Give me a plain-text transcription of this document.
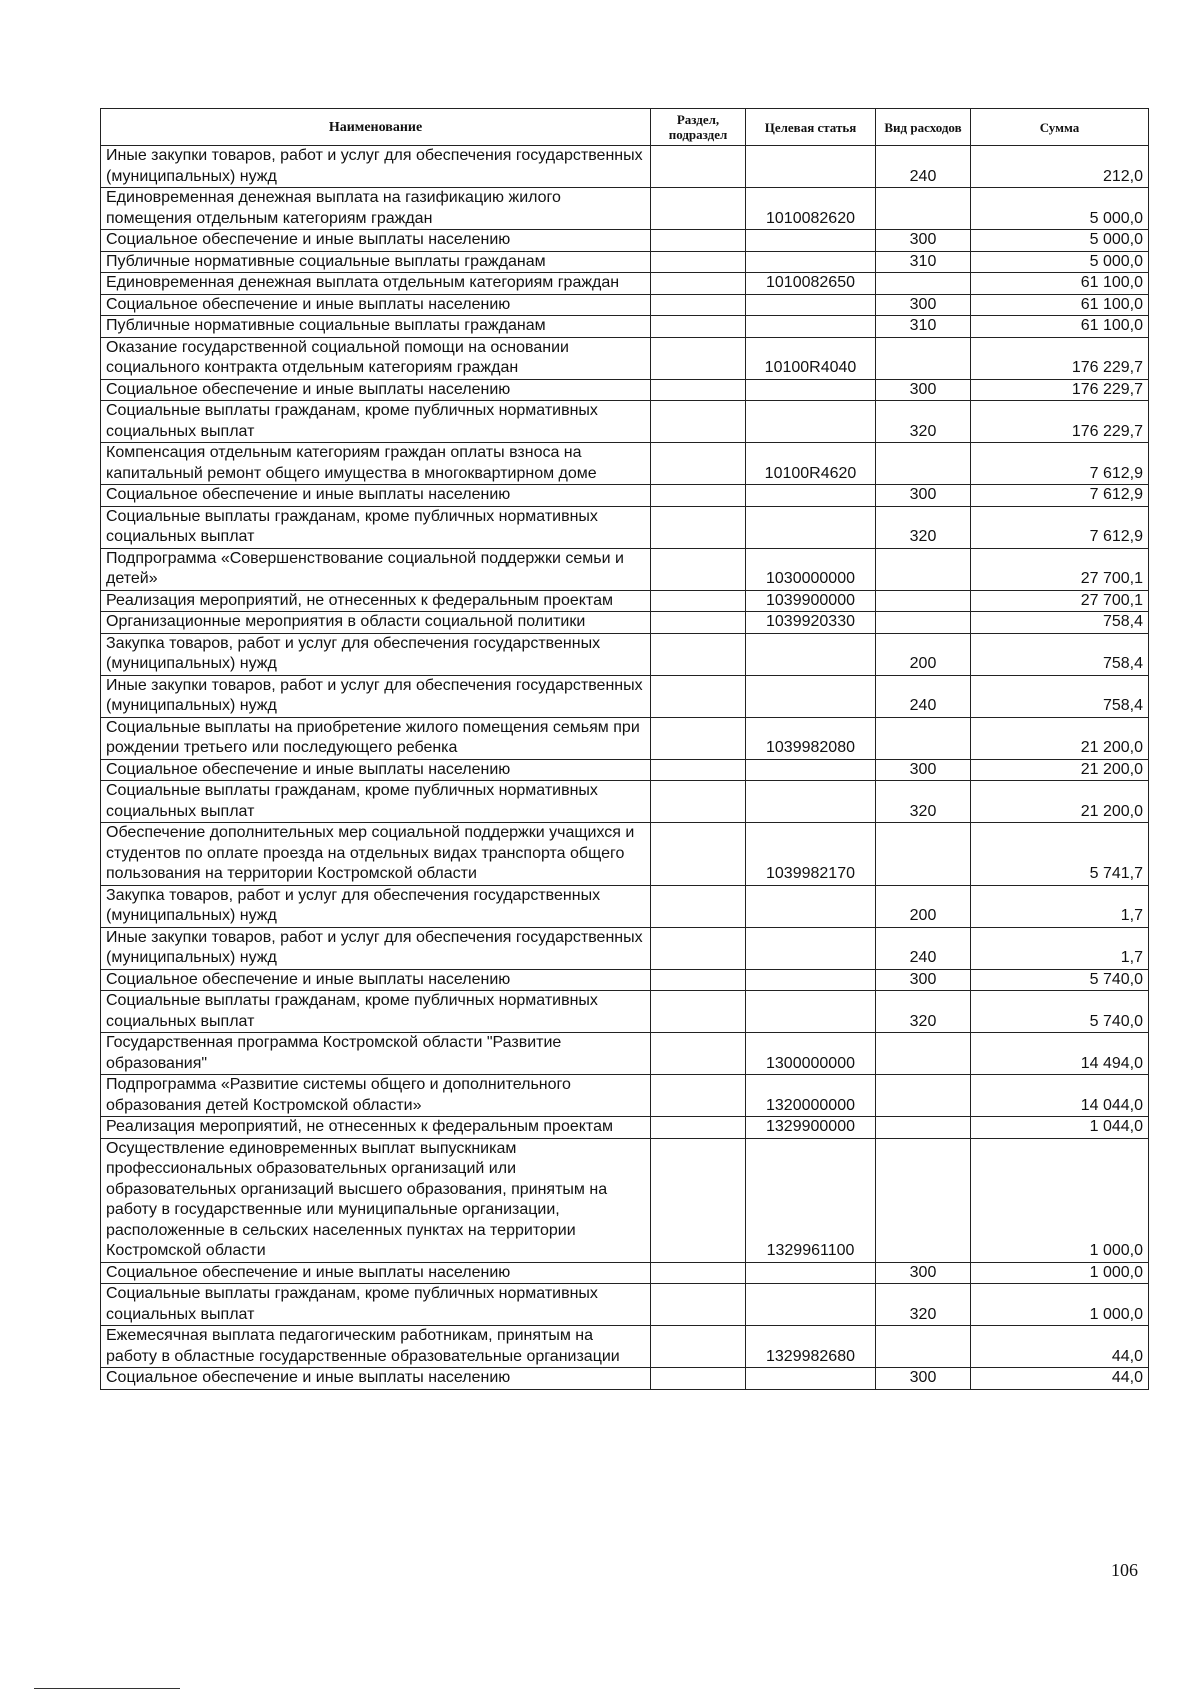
Наименование	Раздел, подраздел	Целевая статья	Вид расходов	Сумма
Иные закупки товаров, работ и услуг для обеспечения государственных (муниципальных) нужд			240	212,0
Единовременная денежная выплата на газификацию жилого помещения отдельным категориям граждан		1010082620		5 000,0
Социальное обеспечение и иные выплаты населению			300	5 000,0
Публичные нормативные социальные выплаты гражданам			310	5 000,0
Единовременная денежная выплата отдельным категориям граждан		1010082650		61 100,0
Социальное обеспечение и иные выплаты населению			300	61 100,0
Публичные нормативные социальные выплаты гражданам			310	61 100,0
Оказание государственной социальной помощи на основании социального контракта отдельным категориям граждан		10100R4040		176 229,7
Социальное обеспечение и иные выплаты населению			300	176 229,7
Социальные выплаты гражданам, кроме публичных нормативных социальных выплат			320	176 229,7
Компенсация отдельным категориям граждан оплаты взноса на капитальный ремонт общего имущества в многоквартирном доме		10100R4620		7 612,9
Социальное обеспечение и иные выплаты населению			300	7 612,9
Социальные выплаты гражданам, кроме публичных нормативных социальных выплат			320	7 612,9
Подпрограмма «Совершенствование социальной поддержки семьи и детей»		1030000000		27 700,1
Реализация мероприятий, не отнесенных к федеральным проектам		1039900000		27 700,1
Организационные мероприятия в области социальной политики		1039920330		758,4
Закупка товаров, работ и услуг для обеспечения государственных (муниципальных) нужд			200	758,4
Иные закупки товаров, работ и услуг для обеспечения государственных (муниципальных) нужд			240	758,4
Социальные выплаты на приобретение жилого помещения семьям при рождении третьего или последующего ребенка		1039982080		21 200,0
Социальное обеспечение и иные выплаты населению			300	21 200,0
Социальные выплаты гражданам, кроме публичных нормативных социальных выплат			320	21 200,0
Обеспечение дополнительных мер социальной поддержки учащихся и студентов по оплате проезда на отдельных видах транспорта общего пользования на территории Костромской области		1039982170		5 741,7
Закупка товаров, работ и услуг для обеспечения государственных (муниципальных) нужд			200	1,7
Иные закупки товаров, работ и услуг для обеспечения государственных (муниципальных) нужд			240	1,7
Социальное обеспечение и иные выплаты населению			300	5 740,0
Социальные выплаты гражданам, кроме публичных нормативных социальных выплат			320	5 740,0
Государственная программа Костромской области "Развитие образования"		1300000000		14 494,0
Подпрограмма «Развитие системы общего и дополнительного образования детей Костромской области»		1320000000		14 044,0
Реализация мероприятий, не отнесенных к федеральным проектам		1329900000		1 044,0
Осуществление единовременных выплат выпускникам профессиональных образовательных организаций или образовательных организаций высшего образования, принятым на работу в государственные или муниципальные организации, расположенные в сельских населенных пунктах на территории Костромской области		1329961100		1 000,0
Социальное обеспечение и иные выплаты населению			300	1 000,0
Социальные выплаты гражданам, кроме публичных нормативных социальных выплат			320	1 000,0
Ежемесячная выплата педагогическим работникам, принятым на работу в областные государственные образовательные организации		1329982680		44,0
Социальное обеспечение и иные выплаты населению			300	44,0
106
